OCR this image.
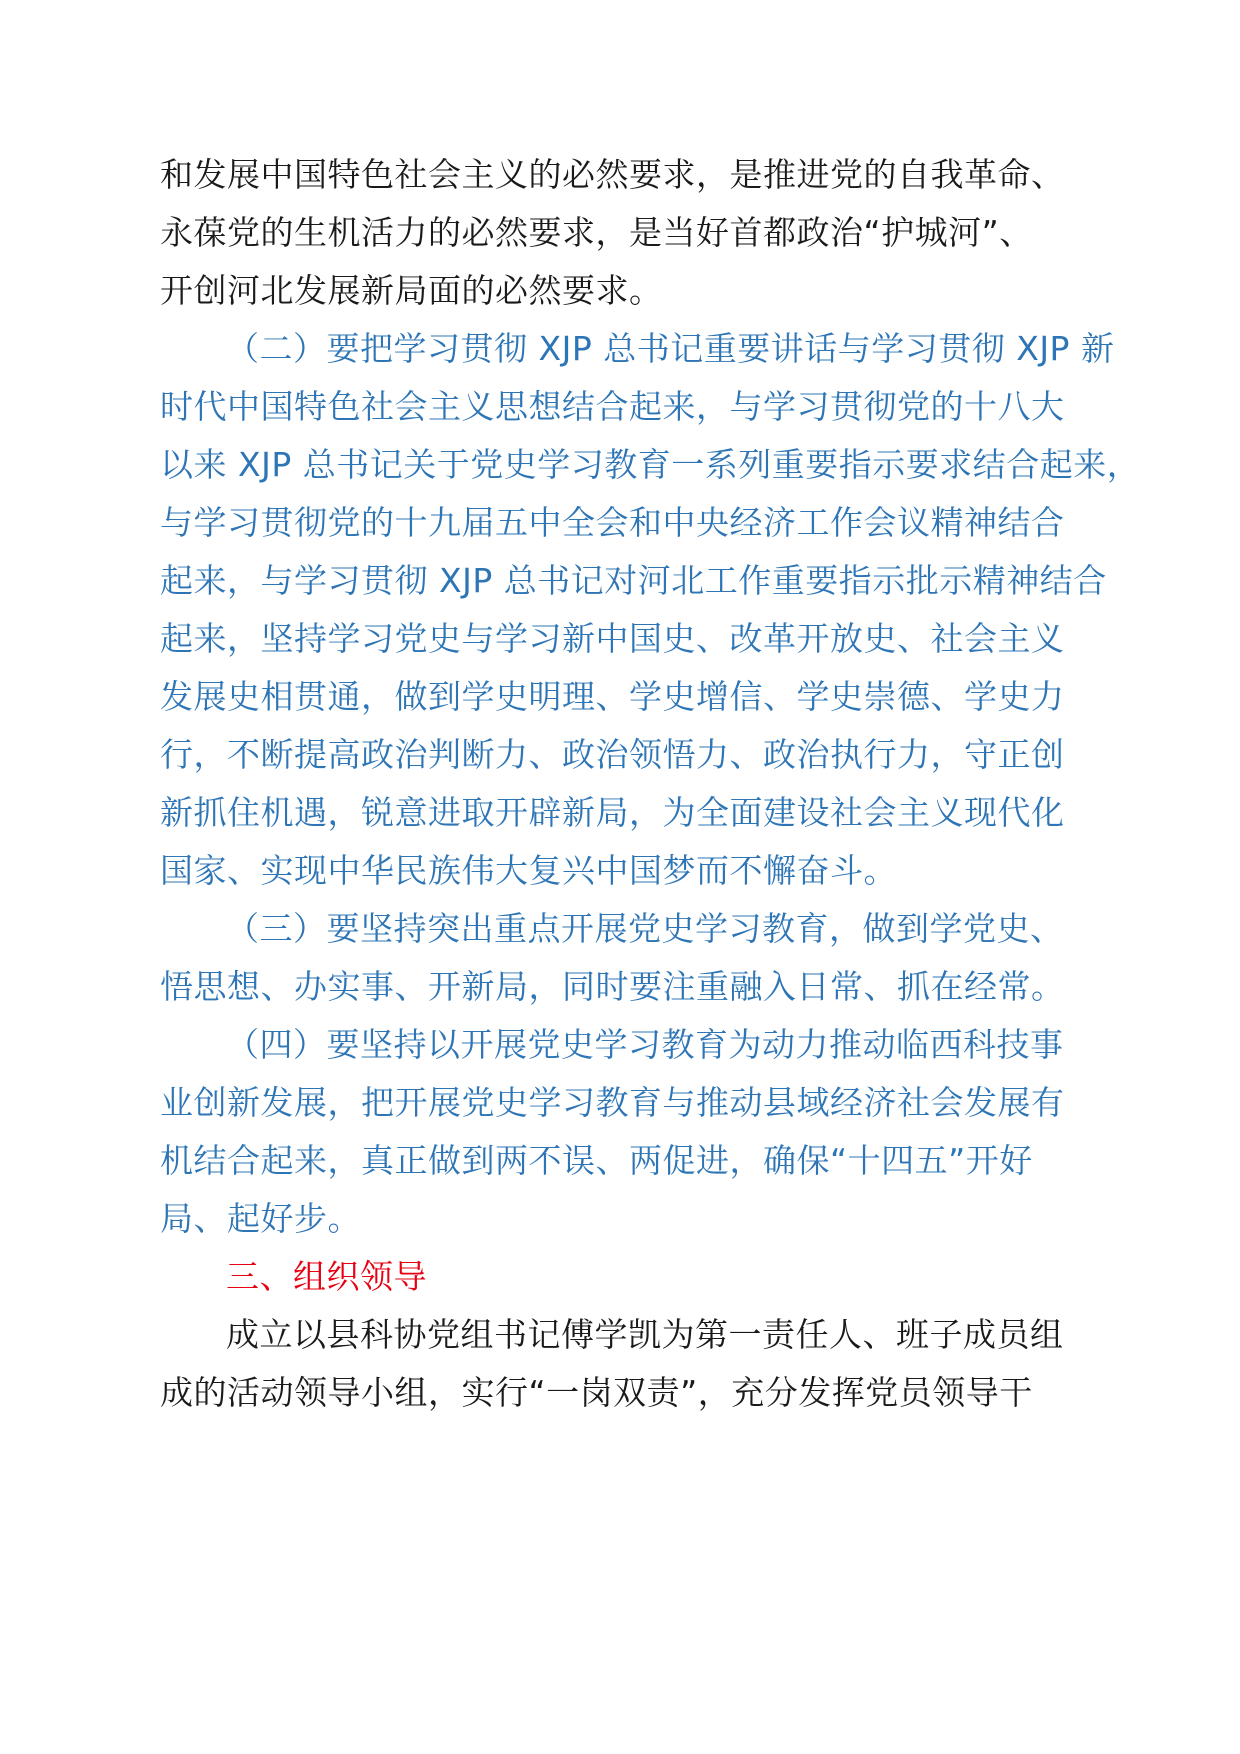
和发展中国特色社会主义的必然要求，是推进党的自我革命、
永葆党的生机活力的必然要求，是当好首都政治“护城河”、
开创河北发展新局面的必然要求。
（二）要把学习贯彻 XJP 总书记重要讲话与学习贯彻 XJP 新
时代中国特色社会主义思想结合起来，与学习贯彻党的十八大
以来 XJP 总书记关于党史学习教育一系列重要指示要求结合起来，
与学习贯彻党的十九届五中全会和中央经济工作会议精神结合
起来，与学习贯彻 XJP 总书记对河北工作重要指示批示精神结合
起来，坚持学习党史与学习新中国史、改革开放史、社会主义
发展史相贯通，做到学史明理、学史增信、学史崇德、学史力
行，不断提高政治判断力、政治领悟力、政治执行力，守正创
新抓住机遇，锐意进取开辟新局，为全面建设社会主义现代化
国家、实现中华民族伟大复兴中国梦而不懈奋斗。
（三）要坚持突出重点开展党史学习教育，做到学党史、
悟思想、办实事、开新局，同时要注重融入日常、抓在经常。
（四）要坚持以开展党史学习教育为动力推动临西科技事
业创新发展，把开展党史学习教育与推动县域经济社会发展有
机结合起来，真正做到两不误、两促进，确保“十四五”开好
局、起好步。
三、组织领导
成立以县科协党组书记傅学凯为第一责任人、班子成员组
成的活动领导小组，实行“一岗双责”，充分发挥党员领导干
